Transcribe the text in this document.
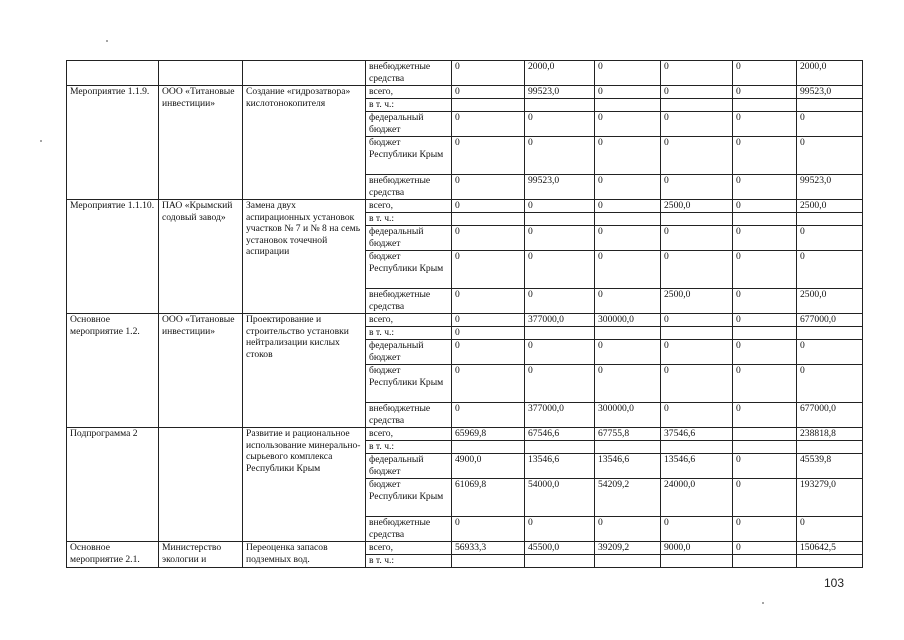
			внебюджетные средства	0	2000,0	0	0	0	2000,0
Мероприятие 1.1.9.	ООО «Титановые инвестиции»	Создание «гидрозатвора» кислотонокопителя	всего,	0	99523,0	0	0	0	99523,0
			в т. ч.:						
			федеральный бюджет	0	0	0	0	0	0
			бюджет Республики Крым	0	0	0	0	0	0
			внебюджетные средства	0	99523,0	0	0	0	99523,0
Мероприятие 1.1.10.	ПАО «Крымский содовый завод»	Замена двух аспирационных установок участков № 7 и № 8 на семь установок точечной аспирации	всего,	0	0	0	2500,0	0	2500,0
			в т. ч.:						
			федеральный бюджет	0	0	0	0	0	0
			бюджет Республики Крым	0	0	0	0	0	0
			внебюджетные средства	0	0	0	2500,0	0	2500,0
Основное мероприятие 1.2.	ООО «Титановые инвестиции»	Проектирование и строительство установки нейтрализации кислых стоков	всего,	0	377000,0	300000,0	0	0	677000,0
			в т. ч.:	0					
			федеральный бюджет	0	0	0	0	0	0
			бюджет Республики Крым	0	0	0	0	0	0
			внебюджетные средства	0	377000,0	300000,0	0	0	677000,0
Подпрограмма 2		Развитие и рациональное использование минерально-сырьевого комплекса Республики Крым	всего,	65969,8	67546,6	67755,8	37546,6		238818,8
			в т. ч.:						
			федеральный бюджет	4900,0	13546,6	13546,6	13546,6	0	45539,8
			бюджет Республики Крым	61069,8	54000,0	54209,2	24000,0	0	193279,0
			внебюджетные средства	0	0	0	0	0	0
Основное мероприятие 2.1.	Министерство экологии и	Переоценка запасов подземных вод.	всего,	56933,3	45500,0	39209,2	9000,0	0	150642,5
			в т. ч.:						
103
